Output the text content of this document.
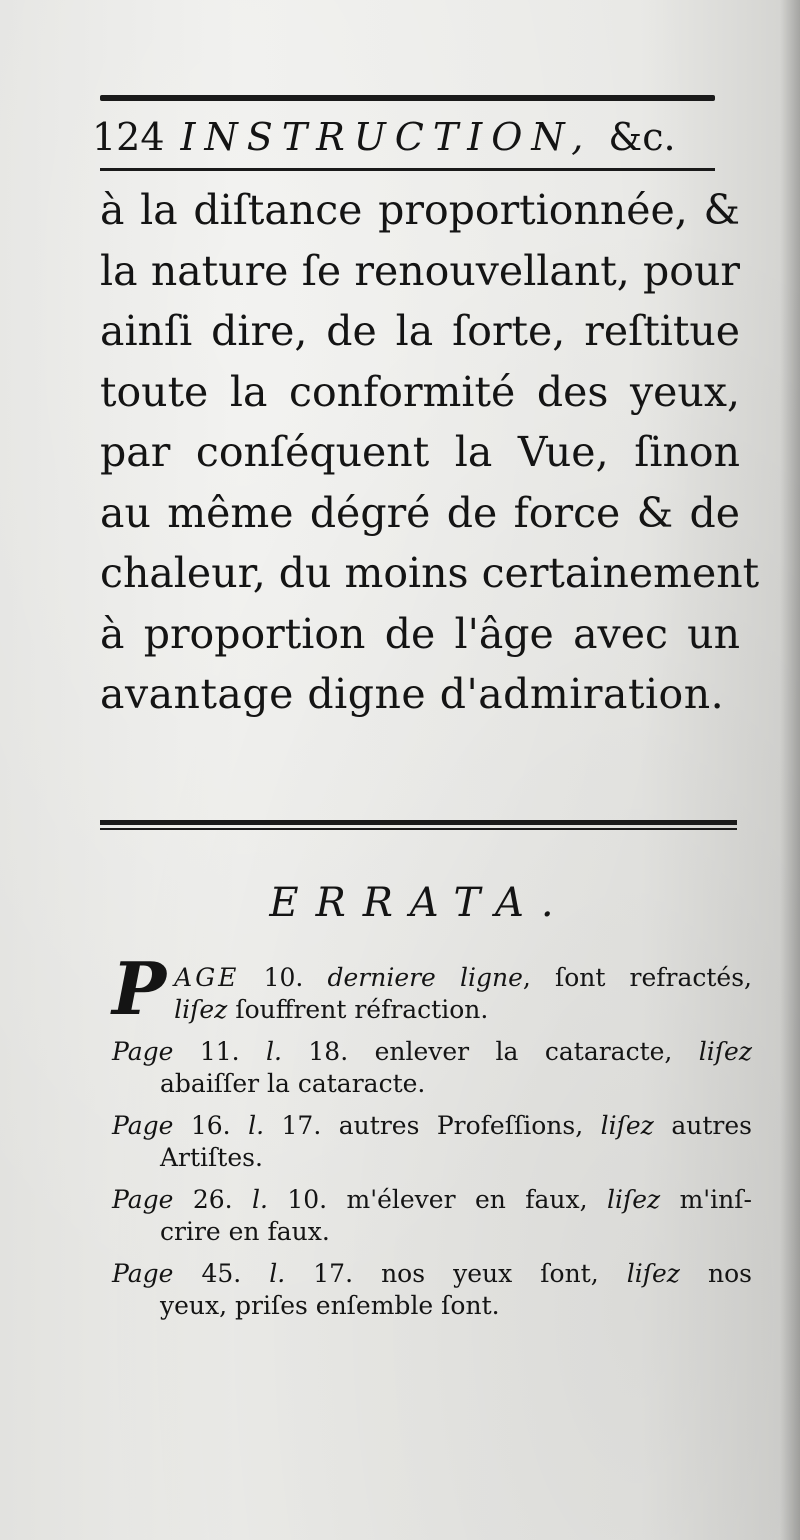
124 INSTRUCTION, &c.
à la diſtance proportionnée, &
la nature ſe renouvellant, pour
ainſi dire, de la ſorte, reſtitue
toute la conformité des yeux,
par conſéquent la Vue, ſinon
au même dégré de force & de
chaleur, du moins certainement
à proportion de l'âge avec un
avantage digne d'admiration.
ERRATA.
P AGE 10. derniere ligne, ſont refractés,
liſez ſouffrent réfraction.
Page 11. l. 18. enlever la cataracte, liſez
abaiſſer la cataracte.
Page 16. l. 17. autres Profeſſions, liſez autres
Artiſtes.
Page 26. l. 10. m'élever en faux, liſez m'inſ-
crire en faux.
Page 45. l. 17. nos yeux ſont, liſez nos
yeux, priſes enſemble ſont.
